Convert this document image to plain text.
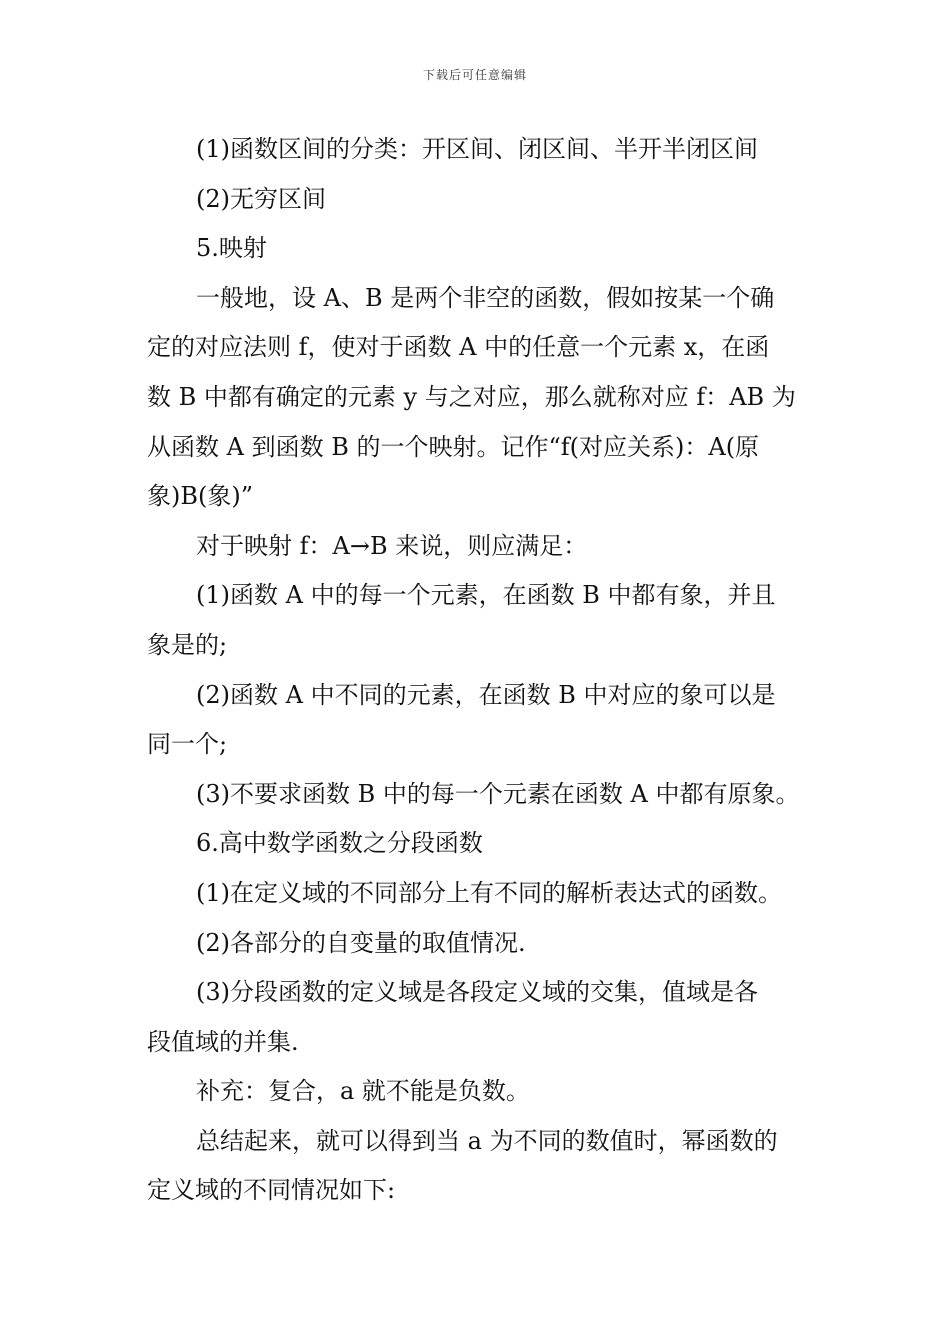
下载后可任意编辑
(1)函数区间的分类：开区间、闭区间、半开半闭区间
(2)无穷区间
5.映射
一般地，设 A、B 是两个非空的函数，假如按某一个确
定的对应法则 f，使对于函数 A 中的任意一个元素 x，在函
数 B 中都有确定的元素 y 与之对应，那么就称对应 f：AB 为
从函数 A 到函数 B 的一个映射。记作“f(对应关系)：A(原
象)B(象)”
对于映射 f：A→B 来说，则应满足：
(1)函数 A 中的每一个元素，在函数 B 中都有象，并且
象是的;
(2)函数 A 中不同的元素，在函数 B 中对应的象可以是
同一个;
(3)不要求函数 B 中的每一个元素在函数 A 中都有原象。
6.高中数学函数之分段函数
(1)在定义域的不同部分上有不同的解析表达式的函数。
(2)各部分的自变量的取值情况.
(3)分段函数的定义域是各段定义域的交集，值域是各
段值域的并集.
补充：复合，a 就不能是负数。
总结起来，就可以得到当 a 为不同的数值时，幂函数的
定义域的不同情况如下:
